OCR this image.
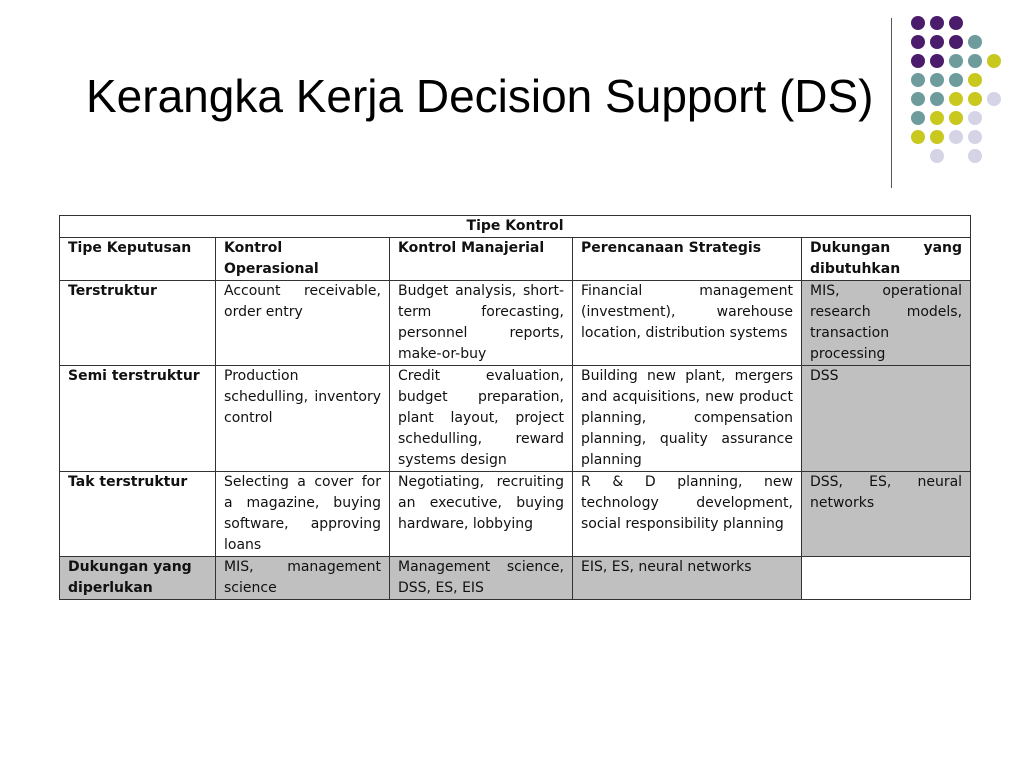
Kerangka Kerja Decision Support (DS)
Tipe Kontrol				
Tipe Keputusan	Kontrol Operasional	Kontrol Manajerial	Perencanaan Strategis	Dukungan yang dibutuhkan
Terstruktur	Account receivable, order entry	Budget analysis, short-term forecasting, personnel reports, make-or-buy	Financial management (investment), warehouse location, distribution systems	MIS, operational research models, transaction processing
Semi terstruktur	Production schedulling, inventory control	Credit evaluation, budget preparation, plant layout, project schedulling, reward systems design	Building new plant, mergers and acquisitions, new product planning, compensation planning, quality assurance planning	DSS
Tak terstruktur	Selecting a cover for a magazine, buying software, approving loans	Negotiating, recruiting an executive, buying hardware, lobbying	R & D planning, new technology development, social responsibility planning	DSS, ES, neural networks
Dukungan yang diperlukan	MIS, management science	Management science, DSS, ES, EIS	EIS, ES, neural networks	
